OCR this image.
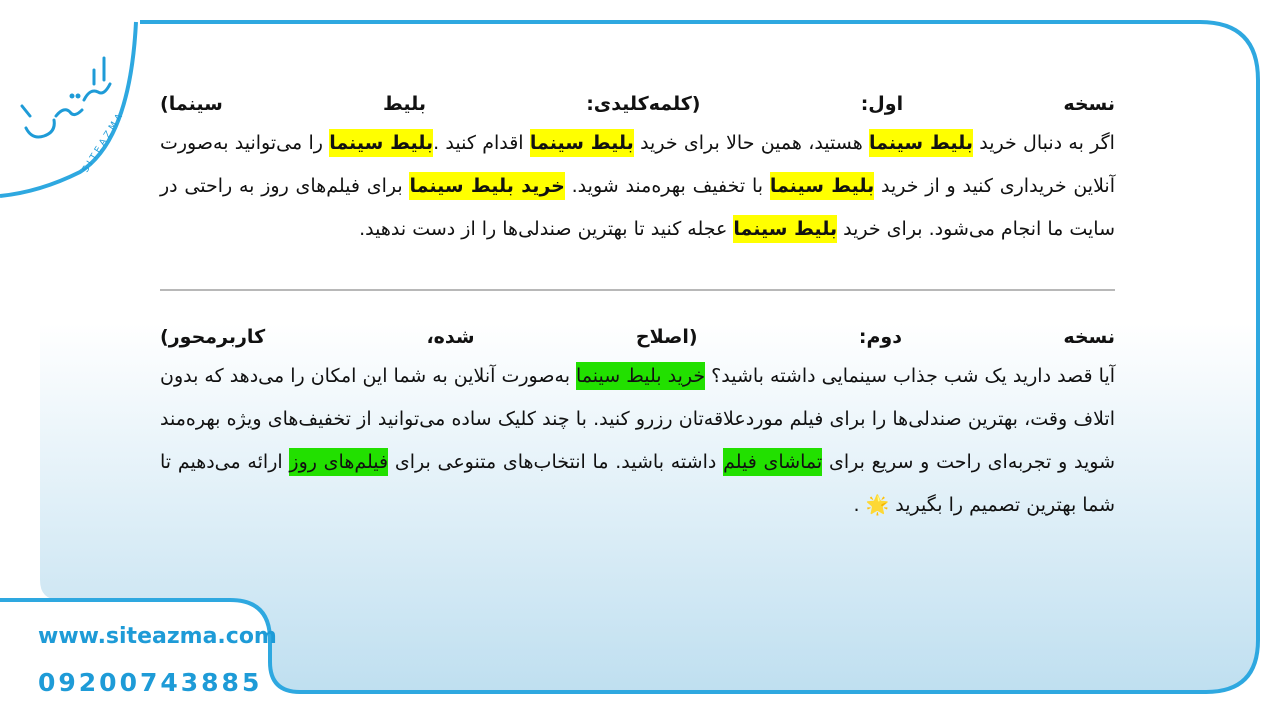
SITEAZMA
نسخه
اول:
(کلمه‌کلیدی:
بلیط
سینما)
اگر به دنبال خرید بلیط سینما هستید، همین حالا برای خرید بلیط سینما اقدام کنید .بلیط سینما را می‌توانید به‌صورت آنلاین خریداری کنید و از خرید بلیط سینما با تخفیف بهره‌مند شوید. خرید بلیط سینما برای فیلم‌های روز به راحتی در سایت ما انجام می‌شود. برای خرید بلیط سینما عجله کنید تا بهترین صندلی‌ها را از دست ندهید.
نسخه
دوم:
(اصلاح
شده،
کاربرمحور)
آیا قصد دارید یک شب جذاب سینمایی داشته باشید؟ خرید بلیط سینما به‌صورت آنلاین به شما این امکان را می‌دهد که بدون اتلاف وقت، بهترین صندلی‌ها را برای فیلم موردعلاقه‌تان رزرو کنید. با چند کلیک ساده می‌توانید از تخفیف‌های ویژه بهره‌مند شوید و تجربه‌ای راحت و سریع برای تماشای فیلم داشته باشید. ما انتخاب‌های متنوعی برای فیلم‌های روز ارائه می‌دهیم تا شما بهترین تصمیم را بگیرید 🌟 .
www.siteazma.com
09200743885
